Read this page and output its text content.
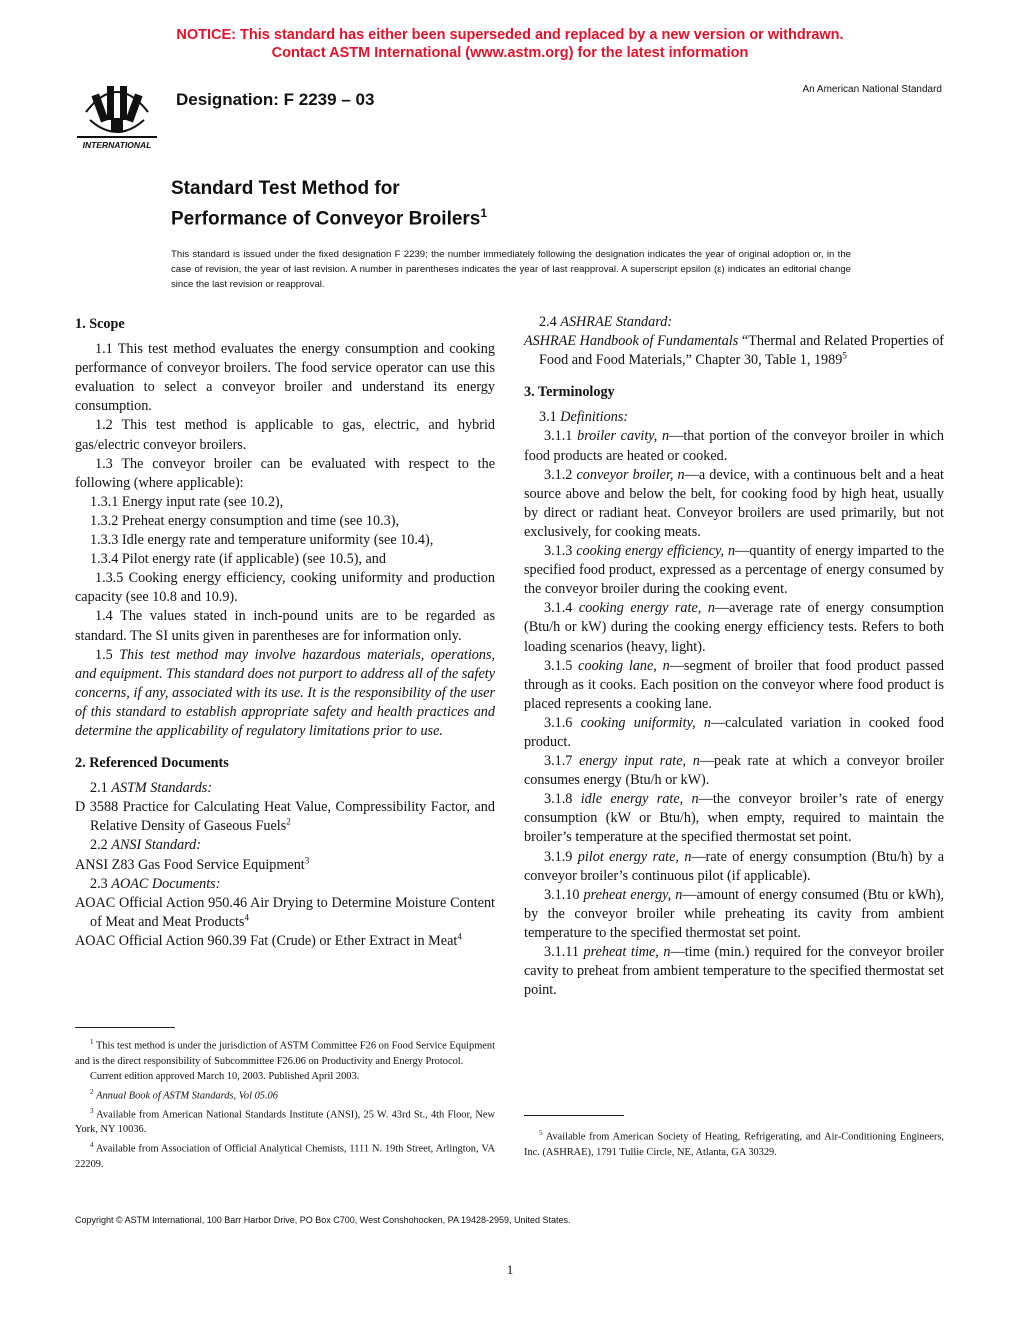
NOTICE: This standard has either been superseded and replaced by a new version or withdrawn.
Contact ASTM International (www.astm.org) for the latest information
INTERNATIONAL
Designation: F 2239 – 03
An American National Standard
Standard Test Method for
Performance of Conveyor Broilers$^1$
This standard is issued under the fixed designation F 2239; the number immediately following the designation indicates the year of original adoption or, in the case of revision, the year of last revision. A number in parentheses indicates the year of last reapproval. A superscript epsilon (ε) indicates an editorial change since the last revision or reapproval.
1. Scope

1.1 This test method evaluates the energy consumption and cooking performance of conveyor broilers. The food service operator can use this evaluation to select a conveyor broiler and understand its energy consumption.

1.2 This test method is applicable to gas, electric, and hybrid gas/electric conveyor broilers.

1.3 The conveyor broiler can be evaluated with respect to the following (where applicable):

1.3.1 Energy input rate (see 10.2),

1.3.2 Preheat energy consumption and time (see 10.3),

1.3.3 Idle energy rate and temperature uniformity (see 10.4),

1.3.4 Pilot energy rate (if applicable) (see 10.5), and

1.3.5 Cooking energy efficiency, cooking uniformity and production capacity (see 10.8 and 10.9).

1.4 The values stated in inch-pound units are to be regarded as standard. The SI units given in parentheses are for information only.

1.5 This test method may involve hazardous materials, operations, and equipment. This standard does not purport to address all of the safety concerns, if any, associated with its use. It is the responsibility of the user of this standard to establish appropriate safety and health practices and determine the applicability of regulatory limitations prior to use.

2. Referenced Documents

2.1 ASTM Standards:

D 3588 Practice for Calculating Heat Value, Compressibility Factor, and Relative Density of Gaseous Fuels$^2$

2.2 ANSI Standard:

ANSI Z83 Gas Food Service Equipment$^3$

2.3 AOAC Documents:

AOAC Official Action 950.46 Air Drying to Determine Moisture Content of Meat and Meat Products$^4$

AOAC Official Action 960.39 Fat (Crude) or Ether Extract in Meat$^4$

$^1$ This test method is under the jurisdiction of ASTM Committee F26 on Food Service Equipment and is the direct responsibility of Subcommittee F26.06 on Productivity and Energy Protocol.

Current edition approved March 10, 2003. Published April 2003.

$^2$ Annual Book of ASTM Standards, Vol 05.06

$^3$ Available from American National Standards Institute (ANSI), 25 W. 43rd St., 4th Floor, New York, NY 10036.

$^4$ Available from Association of Official Analytical Chemists, 1111 N. 19th Street, Arlington, VA 22209.

2.4 ASHRAE Standard:

ASHRAE Handbook of Fundamentals “Thermal and Related Properties of Food and Food Materials,” Chapter 30, Table 1, 1989$^5$

3. Terminology

3.1 Definitions:

3.1.1 broiler cavity, n—that portion of the conveyor broiler in which food products are heated or cooked.

3.1.2 conveyor broiler, n—a device, with a continuous belt and a heat source above and below the belt, for cooking food by high heat, usually by direct or radiant heat. Conveyor broilers are used primarily, but not exclusively, for cooking meats.

3.1.3 cooking energy efficiency, n—quantity of energy imparted to the specified food product, expressed as a percentage of energy consumed by the conveyor broiler during the cooking event.

3.1.4 cooking energy rate, n—average rate of energy consumption (Btu/h or kW) during the cooking energy efficiency tests. Refers to both loading scenarios (heavy, light).

3.1.5 cooking lane, n—segment of broiler that food product passed through as it cooks. Each position on the conveyor where food product is placed represents a cooking lane.

3.1.6 cooking uniformity, n—calculated variation in cooked food product.

3.1.7 energy input rate, n—peak rate at which a conveyor broiler consumes energy (Btu/h or kW).

3.1.8 idle energy rate, n—the conveyor broiler’s rate of energy consumption (kW or Btu/h), when empty, required to maintain the broiler’s temperature at the specified thermostat set point.

3.1.9 pilot energy rate, n—rate of energy consumption (Btu/h) by a conveyor broiler’s continuous pilot (if applicable).

3.1.10 preheat energy, n—amount of energy consumed (Btu or kWh), by the conveyor broiler while preheating its cavity from ambient temperature to the specified thermostat set point.

3.1.11 preheat time, n—time (min.) required for the conveyor broiler cavity to preheat from ambient temperature to the specified thermostat set point.

$^5$ Available from American Society of Heating, Refrigerating, and Air-Conditioning Engineers, Inc. (ASHRAE), 1791 Tullie Circle, NE, Atlanta, GA 30329.

Copyright © ASTM International, 100 Barr Harbor Drive, PO Box C700, West Conshohocken, PA 19428-2959, United States.
1
